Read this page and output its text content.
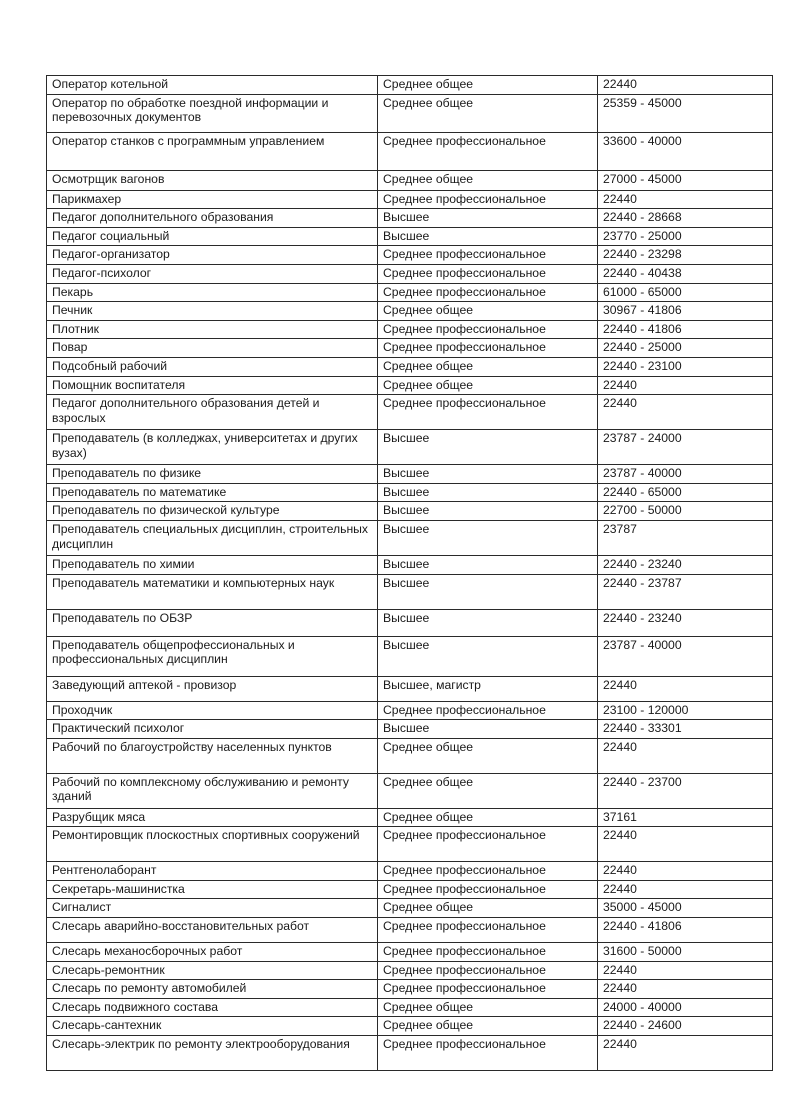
Оператор котельной	Среднее общее	22440
Оператор по обработке поездной информации и перевозочных документов	Среднее общее	25359 - 45000
Оператор станков с программным управлением	Среднее профессиональное	33600 - 40000
Осмотрщик вагонов	Среднее общее	27000 - 45000
Парикмахер	Среднее профессиональное	22440
Педагог дополнительного образования	Высшее	22440 - 28668
Педагог социальный	Высшее	23770 - 25000
Педагог-организатор	Среднее профессиональное	22440 - 23298
Педагог-психолог	Среднее профессиональное	22440 - 40438
Пекарь	Среднее профессиональное	61000 - 65000
Печник	Среднее общее	30967 - 41806
Плотник	Среднее профессиональное	22440 - 41806
Повар	Среднее профессиональное	22440 - 25000
Подсобный рабочий	Среднее общее	22440 - 23100
Помощник воспитателя	Среднее общее	22440
Педагог дополнительного образования детей и взрослых	Среднее профессиональное	22440
Преподаватель (в колледжах, университетах и других вузах)	Высшее	23787 - 24000
Преподаватель по физике	Высшее	23787 - 40000
Преподаватель по математике	Высшее	22440 - 65000
Преподаватель по физической культуре	Высшее	22700 - 50000
Преподаватель специальных дисциплин, строительных дисциплин	Высшее	23787
Преподаватель по химии	Высшее	22440 - 23240
Преподаватель математики и компьютерных наук	Высшее	22440 - 23787
Преподаватель по ОБЗР	Высшее	22440 - 23240
Преподаватель общепрофессиональных и профессиональных дисциплин	Высшее	23787 - 40000
Заведующий аптекой - провизор	Высшее, магистр	22440
Проходчик	Среднее профессиональное	23100 - 120000
Практический психолог	Высшее	22440 - 33301
Рабочий по благоустройству населенных пунктов	Среднее общее	22440
Рабочий по комплексному обслуживанию и ремонту зданий	Среднее общее	22440 - 23700
Разрубщик мяса	Среднее общее	37161
Ремонтировщик плоскостных спортивных сооружений	Среднее профессиональное	22440
Рентгенолаборант	Среднее профессиональное	22440
Секретарь-машинистка	Среднее профессиональное	22440
Сигналист	Среднее общее	35000 - 45000
Слесарь аварийно-восстановительных работ	Среднее профессиональное	22440 - 41806
Слесарь механосборочных работ	Среднее профессиональное	31600 - 50000
Слесарь-ремонтник	Среднее профессиональное	22440
Слесарь по ремонту автомобилей	Среднее профессиональное	22440
Слесарь подвижного состава	Среднее общее	24000 - 40000
Слесарь-сантехник	Среднее общее	22440 - 24600
Слесарь-электрик по ремонту электрооборудования	Среднее профессиональное	22440
